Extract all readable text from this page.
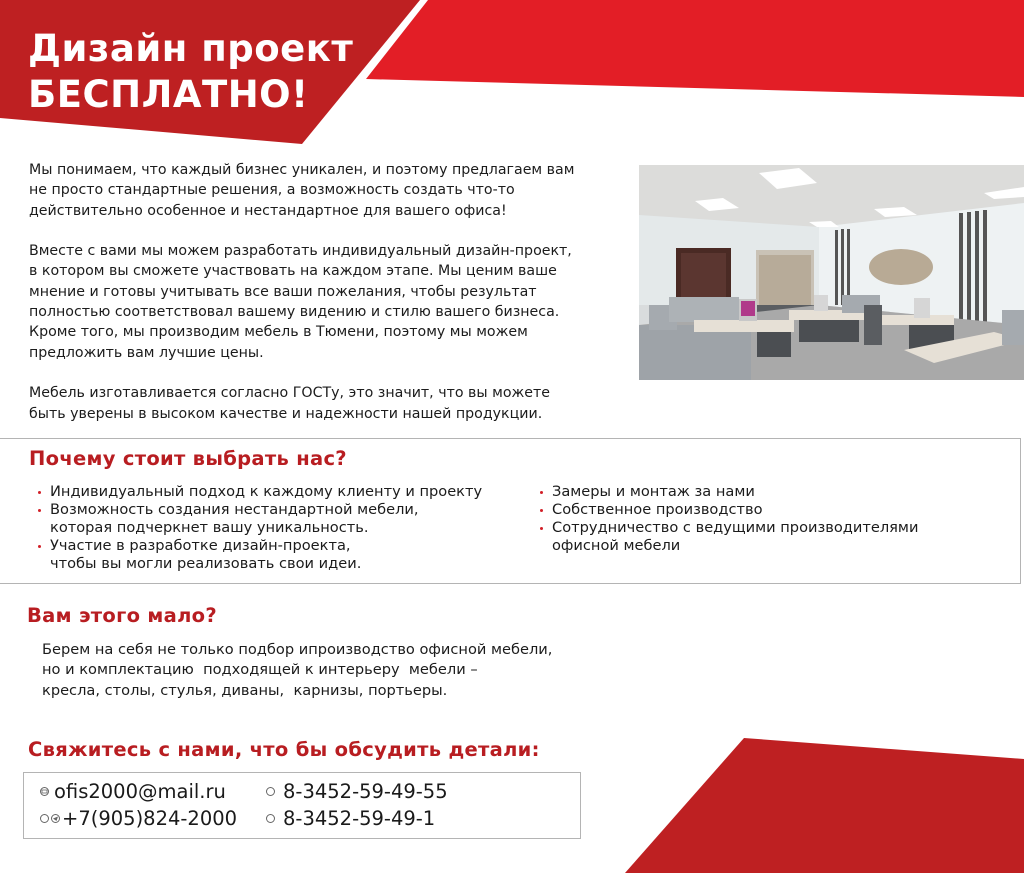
Дизайн проект
БЕСПЛАТНО!

Мы понимаем, что каждый бизнес уникален, и поэтому предлагаем вам
не просто стандартные решения, а возможность создать что-то
действительно особенное и нестандартное для вашего офиса!

Вместе с вами мы можем разработать индивидуальный дизайн-проект,
в котором вы сможете участвовать на каждом этапе. Мы ценим ваше
мнение и готовы учитывать все ваши пожелания, чтобы результат
полностью соответствовал вашему видению и стилю вашего бизнеса.
Кроме того, мы производим мебель в Тюмени, поэтому мы можем
предложить вам лучшие цены.

Мебель изготавливается согласно ГОСТу, это значит, что вы можете
быть уверены в высоком качестве и надежности нашей продукции.

Почему стоит выбрать нас?
Индивидуальный подход к каждому клиенту и проекту
Возможность создания нестандартной мебели,
которая подчеркнет вашу уникальность.
Участие в разработке дизайн-проекта,
чтобы вы могли реализовать свои идеи.
Замеры и монтаж за нами
Собственное производство
Сотрудничество с ведущими производителями
офисной мебели
Вам этого мало?
Берем на себя не только подбор ипроизводство офисной мебели,
но и комплектацию  подходящей к интерьеру  мебели –
кресла, столы, стулья, диваны,  карнизы, портьеры.
Свяжитесь с нами, что бы обсудить детали:
ofis2000@mail.ru
+7(905)824-2000
8-3452-59-49-55
8-3452-59-49-1
